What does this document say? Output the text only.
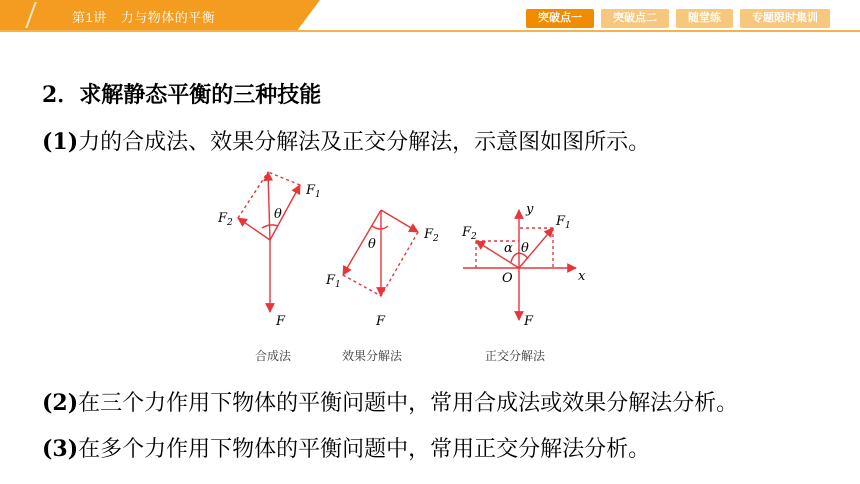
第1讲 力与物体的平衡	突破点一	突破点二	随堂练	专题限时集训
2．求解静态平衡的三种技能
(1)力的合成法、效果分解法及正交分解法，示意图如图所示。
$F_1$
$F_2$
θ
F
$F_2$
$F_1$
θ
F
$F_1$
$F_2$
α θ
y
x
O
F
合成法	效果分解法	正交分解法
(2)在三个力作用下物体的平衡问题中，常用合成法或效果分解法分析。
(3)在多个力作用下物体的平衡问题中，常用正交分解法分析。
